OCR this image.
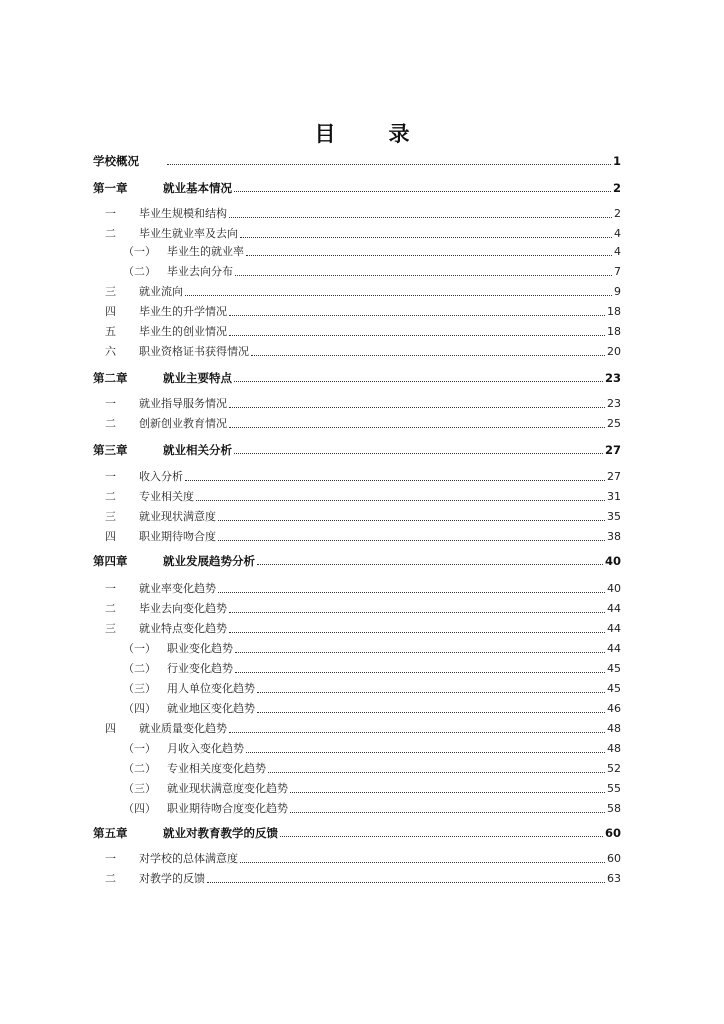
目　录
学校概况	1
第一章	就业基本情况	2
一	毕业生规模和结构	2
二	毕业生就业率及去向	4
（一）	毕业生的就业率	4
（二）	毕业去向分布	7
三	就业流向	9
四	毕业生的升学情况	18
五	毕业生的创业情况	18
六	职业资格证书获得情况	20
第二章	就业主要特点	23
一	就业指导服务情况	23
二	创新创业教育情况	25
第三章	就业相关分析	27
一	收入分析	27
二	专业相关度	31
三	就业现状满意度	35
四	职业期待吻合度	38
第四章	就业发展趋势分析	40
一	就业率变化趋势	40
二	毕业去向变化趋势	44
三	就业特点变化趋势	44
（一）	职业变化趋势	44
（二）	行业变化趋势	45
（三）	用人单位变化趋势	45
（四）	就业地区变化趋势	46
四	就业质量变化趋势	48
（一）	月收入变化趋势	48
（二）	专业相关度变化趋势	52
（三）	就业现状满意度变化趋势	55
（四）	职业期待吻合度变化趋势	58
第五章	就业对教育教学的反馈	60
一	对学校的总体满意度	60
二	对教学的反馈	63
